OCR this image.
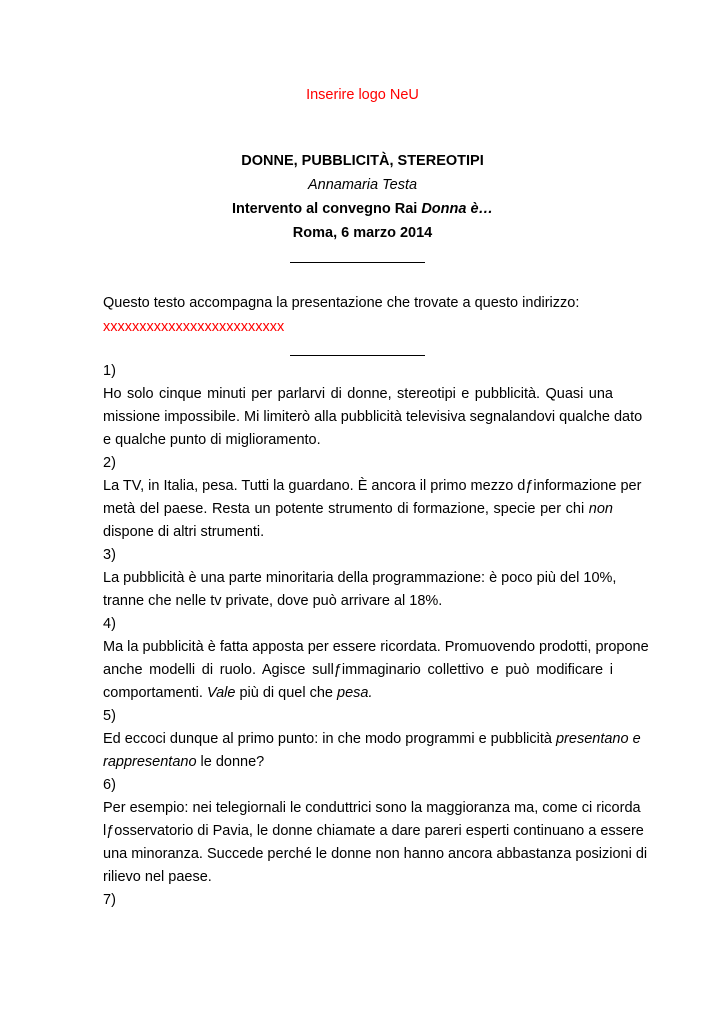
Inserire logo NeU
DONNE, PUBBLICITÀ, STEREOTIPI
Annamaria Testa
Intervento al convegno Rai Donna è…
Roma, 6 marzo 2014
Questo testo accompagna la presentazione che trovate a questo indirizzo:
xxxxxxxxxxxxxxxxxxxxxxxxx
1)
Ho solo cinque minuti per parlarvi di donne, stereotipi e pubblicità. Quasi una
missione impossibile. Mi limiterò alla pubblicità televisiva segnalandovi qualche dato
e qualche punto di miglioramento.
2)
La TV, in Italia, pesa. Tutti la guardano. È ancora il primo mezzo dƒinformazione per
metà del paese. Resta un potente strumento di formazione, specie per chi non
dispone di altri strumenti.
3)
La pubblicità è una parte minoritaria della programmazione: è poco più del 10%,
tranne che nelle tv private, dove può arrivare al 18%.
4)
Ma la pubblicità è fatta apposta per essere ricordata. Promuovendo prodotti, propone
anche modelli di ruolo. Agisce sullƒimmaginario collettivo e può modificare i
comportamenti. Vale più di quel che pesa.
5)
Ed eccoci dunque al primo punto: in che modo programmi e pubblicità presentano e
rappresentano le donne?
6)
Per esempio: nei telegiornali le conduttrici sono la maggioranza ma, come ci ricorda
lƒosservatorio di Pavia, le donne chiamate a dare pareri esperti continuano a essere
una minoranza. Succede perché le donne non hanno ancora abbastanza posizioni di
rilievo nel paese.
7)
